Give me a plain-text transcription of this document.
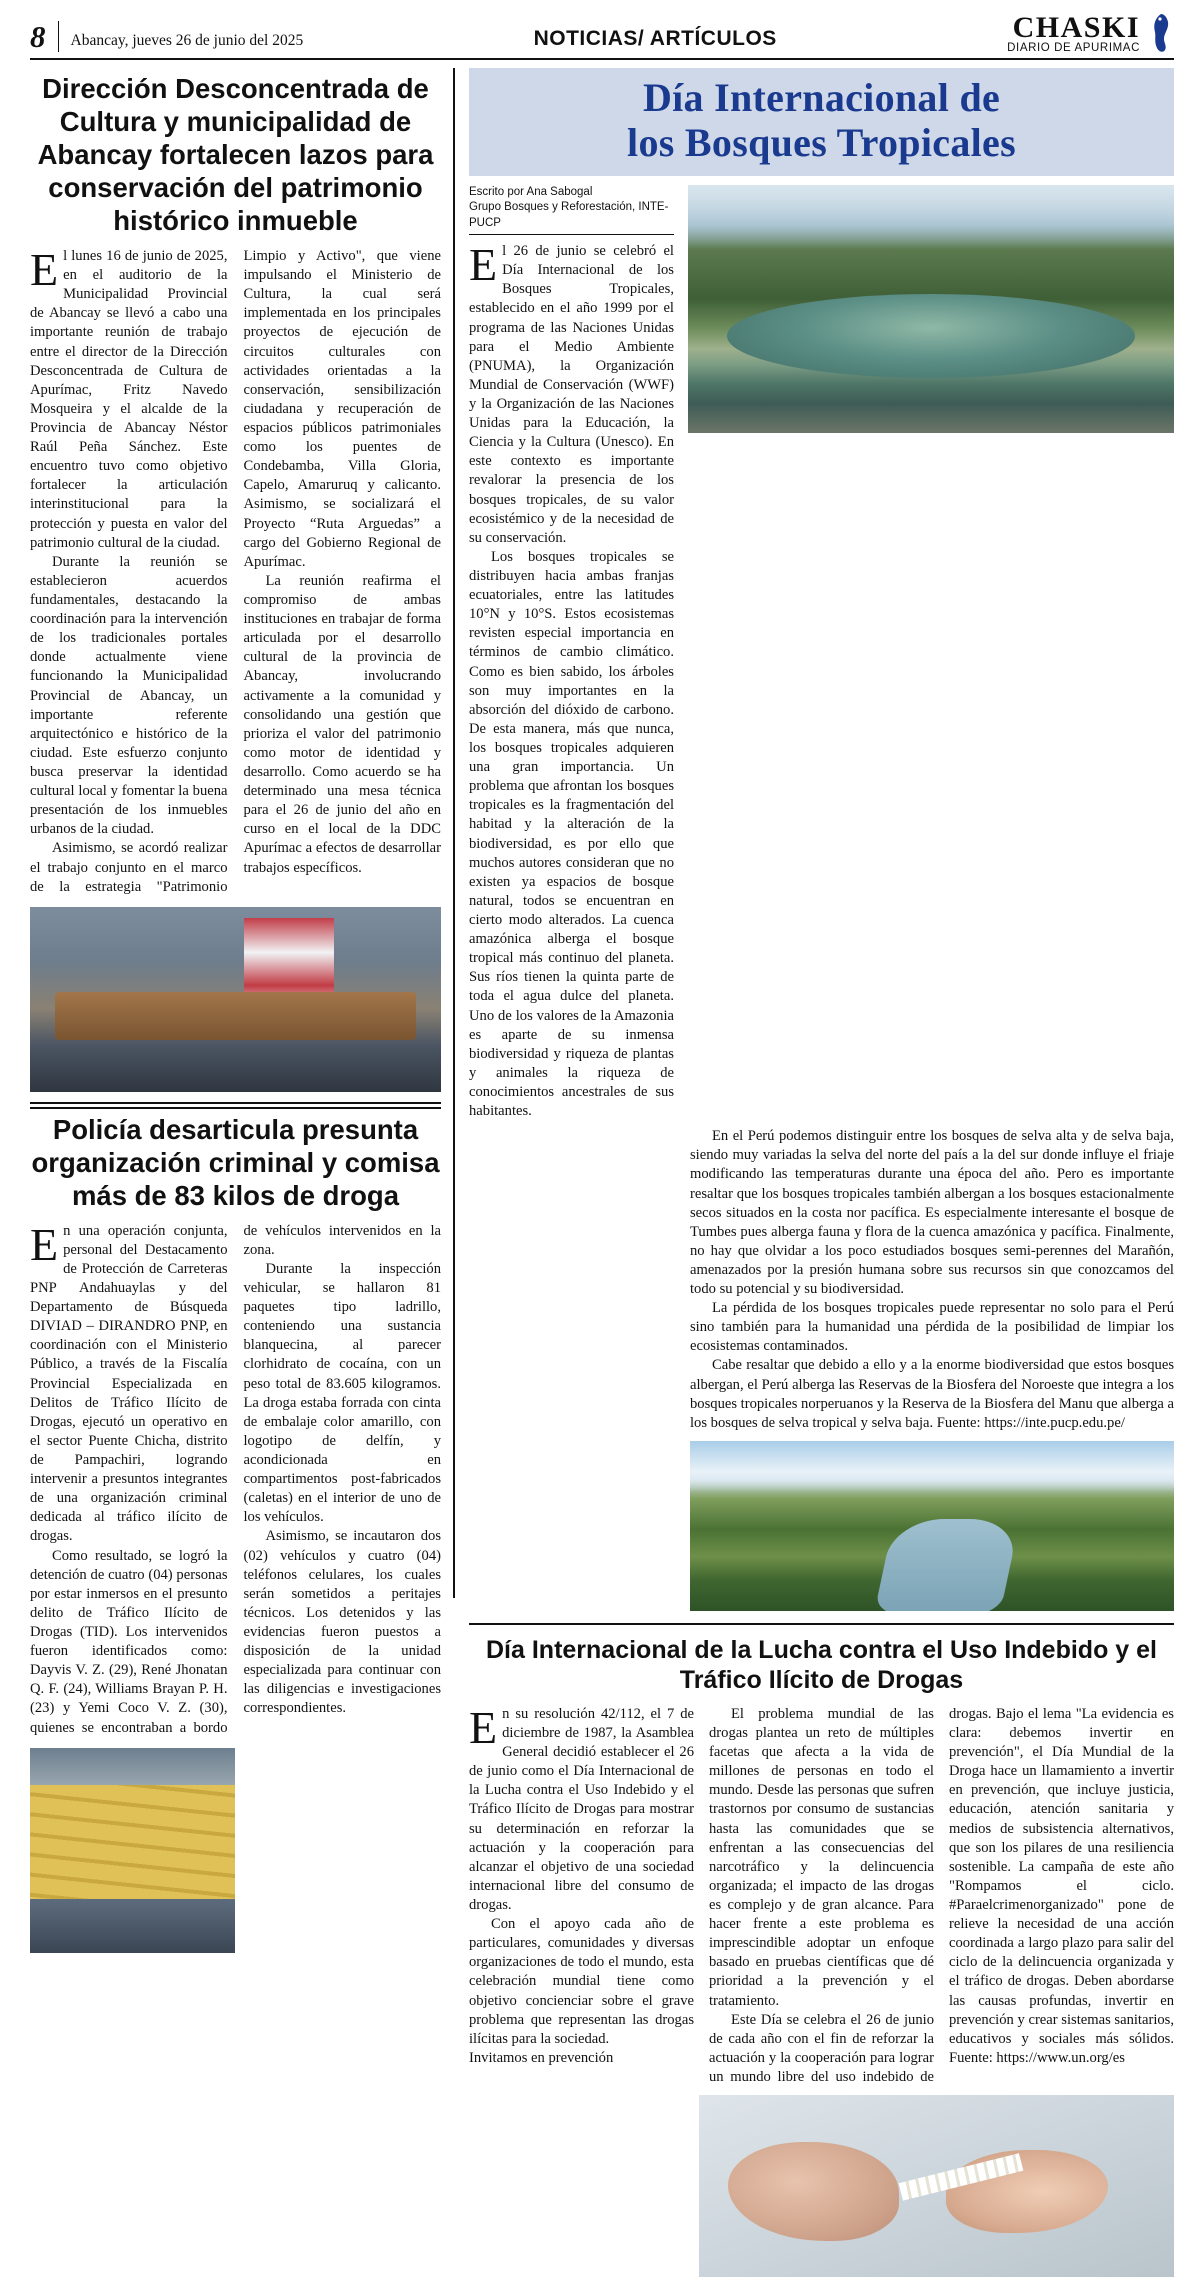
8	Abancay, jueves 26 de junio del 2025	NOTICIAS/ ARTÍCULOS	CHASKI
DIARIO DE APURIMAC
Dirección Desconcentrada de Cultura y municipalidad de Abancay fortalecen lazos para conservación del patrimonio histórico inmueble

El lunes 16 de junio de 2025, en el auditorio de la Municipalidad Provincial de Abancay se llevó a cabo una importante reunión de trabajo entre el director de la Dirección Desconcentrada de Cultura de Apurímac, Fritz Navedo Mosqueira y el alcalde de la Provincia de Abancay Néstor Raúl Peña Sánchez. Este encuentro tuvo como objetivo fortalecer la articulación interinstitucional para la protección y puesta en valor del patrimonio cultural de la ciudad.

Durante la reunión se establecieron acuerdos fundamentales, destacando la coordinación para la intervención de los tradicionales portales donde actualmente viene funcionando la Municipalidad Provincial de Abancay, un importante referente arquitectónico e histórico de la ciudad. Este esfuerzo conjunto busca preservar la identidad cultural local y fomentar la buena presentación de los inmuebles urbanos de la ciudad.

Asimismo, se acordó realizar el trabajo conjunto en el marco de la estrategia "Patrimonio Limpio y Activo", que viene impulsando el Ministerio de Cultura, la cual será implementada en los principales proyectos de ejecución de circuitos culturales con actividades orientadas a la conservación, sensibilización ciudadana y recuperación de espacios públicos patrimoniales como los puentes de Condebamba, Villa Gloria, Capelo, Amaruruq y calicanto. Asimismo, se socializará el Proyecto “Ruta Arguedas” a cargo del Gobierno Regional de Apurímac.

La reunión reafirma el compromiso de ambas instituciones en trabajar de forma articulada por el desarrollo cultural de la provincia de Abancay, involucrando activamente a la comunidad y consolidando una gestión que prioriza el valor del patrimonio como motor de identidad y desarrollo. Como acuerdo se ha determinado una mesa técnica para el 26 de junio del año en curso en el local de la DDC Apurímac a efectos de desarrollar trabajos específicos.

Policía desarticula presunta organización criminal y comisa más de 83 kilos de droga

En una operación conjunta, personal del Destacamento de Protección de Carreteras PNP Andahuaylas y del Departamento de Búsqueda DIVIAD – DIRANDRO PNP, en coordinación con el Ministerio Público, a través de la Fiscalía Provincial Especializada en Delitos de Tráfico Ilícito de Drogas, ejecutó un operativo en el sector Puente Chicha, distrito de Pampachiri, logrando intervenir a presuntos integrantes de una organización criminal dedicada al tráfico ilícito de drogas.

Como resultado, se logró la detención de cuatro (04) personas por estar inmersos en el presunto delito de Tráfico Ilícito de Drogas (TID). Los intervenidos fueron identificados como: Dayvis V. Z. (29), René Jhonatan Q. F. (24), Williams Brayan P. H. (23) y Yemi Coco V. Z. (30), quienes se encontraban a bordo de vehículos intervenidos en la zona.

Durante la inspección vehicular, se hallaron 81 paquetes tipo ladrillo, conteniendo una sustancia blanquecina, al parecer clorhidrato de cocaína, con un peso total de 83.605 kilogramos. La droga estaba forrada con cinta de embalaje color amarillo, con logotipo de delfín, y acondicionada en compartimentos post-fabricados (caletas) en el interior de uno de los vehículos.

Asimismo, se incautaron dos (02) vehículos y cuatro (04) teléfonos celulares, los cuales serán sometidos a peritajes técnicos. Los detenidos y las evidencias fueron puestos a disposición de la unidad especializada para continuar con las diligencias e investigaciones correspondientes.

Día Internacional de
los Bosques Tropicales
Escrito por Ana Sabogal
Grupo Bosques y Reforestación, INTE-PUCP

El 26 de junio se celebró el Día Internacional de los Bosques Tropicales, establecido en el año 1999 por el programa de las Naciones Unidas para el Medio Ambiente (PNUMA), la Organización Mundial de Conservación (WWF) y la Organización de las Naciones Unidas para la Educación, la Ciencia y la Cultura (Unesco). En este contexto es importante revalorar la presencia de los bosques tropicales, de su valor ecosistémico y de la necesidad de su conservación.

Los bosques tropicales se distribuyen hacia ambas franjas ecuatoriales, entre las latitudes 10°N y 10°S. Estos ecosistemas revisten especial importancia en términos de cambio climático. Como es bien sabido, los árboles son muy importantes en la absorción del dióxido de carbono. De esta manera, más que nunca, los bosques tropicales adquieren una gran importancia. Un problema que afrontan los bosques tropicales es la fragmentación del habitad y la alteración de la biodiversidad, es por ello que muchos autores consideran que no existen ya espacios de bosque natural, todos se encuentran en cierto modo alterados. La cuenca amazónica alberga el bosque tropical más continuo del planeta. Sus ríos tienen la quinta parte de toda el agua dulce del planeta. Uno de los valores de la Amazonia es aparte de su inmensa biodiversidad y riqueza de plantas y animales la riqueza de conocimientos ancestrales de sus habitantes.

En el Perú podemos distinguir entre los bosques de selva alta y de selva baja, siendo muy variadas la selva del norte del país a la del sur donde influye el friaje modificando las temperaturas durante una época del año. Pero es importante resaltar que los bosques tropicales también albergan a los bosques estacionalmente secos situados en la costa nor pacífica. Es especialmente interesante el bosque de Tumbes pues alberga fauna y flora de la cuenca amazónica y pacífica. Finalmente, no hay que olvidar a los poco estudiados bosques semi-perennes del Marañón, amenazados por la presión humana sobre sus recursos sin que conozcamos del todo su potencial y su biodiversidad.

La pérdida de los bosques tropicales puede representar no solo para el Perú sino también para la humanidad una pérdida de la posibilidad de limpiar los ecosistemas contaminados.

Cabe resaltar que debido a ello y a la enorme biodiversidad que estos bosques albergan, el Perú alberga las Reservas de la Biosfera del Noroeste que integra a los bosques tropicales norperuanos y la Reserva de la Biosfera del Manu que alberga a los bosques de selva tropical y selva baja. Fuente: https://inte.pucp.edu.pe/

Día Internacional de la Lucha contra el Uso Indebido y el Tráfico Ilícito de Drogas

En su resolución 42/112, el 7 de diciembre de 1987, la Asamblea General decidió establecer el 26 de junio como el Día Internacional de la Lucha contra el Uso Indebido y el Tráfico Ilícito de Drogas para mostrar su determinación en reforzar la actuación y la cooperación para alcanzar el objetivo de una sociedad internacional libre del consumo de drogas.

Con el apoyo cada año de particulares, comunidades y diversas organizaciones de todo el mundo, esta celebración mundial tiene como objetivo concienciar sobre el grave problema que representan las drogas ilícitas para la sociedad.

Invitamos en prevención

El problema mundial de las drogas plantea un reto de múltiples facetas que afecta a la vida de millones de personas en todo el mundo. Desde las personas que sufren trastornos por consumo de sustancias hasta las comunidades que se enfrentan a las consecuencias del narcotráfico y la delincuencia organizada; el impacto de las drogas es complejo y de gran alcance. Para hacer frente a este problema es imprescindible adoptar un enfoque basado en pruebas científicas que dé prioridad a la prevención y el tratamiento.

Este Día se celebra el 26 de junio de cada año con el fin de reforzar la actuación y la cooperación para lograr un mundo libre del uso indebido de drogas. Bajo el lema "La evidencia es clara: debemos invertir en prevención", el Día Mundial de la Droga hace un llamamiento a invertir en prevención, que incluye justicia, educación, atención sanitaria y medios de subsistencia alternativos, que son los pilares de una resiliencia sostenible. La campaña de este año "Rompamos el ciclo. #Paraelcrimenorganizado" pone de relieve la necesidad de una acción coordinada a largo plazo para salir del ciclo de la delincuencia organizada y el tráfico de drogas. Deben abordarse las causas profundas, invertir en prevención y crear sistemas sanitarios, educativos y sociales más sólidos. Fuente: https://www.un.org/es
